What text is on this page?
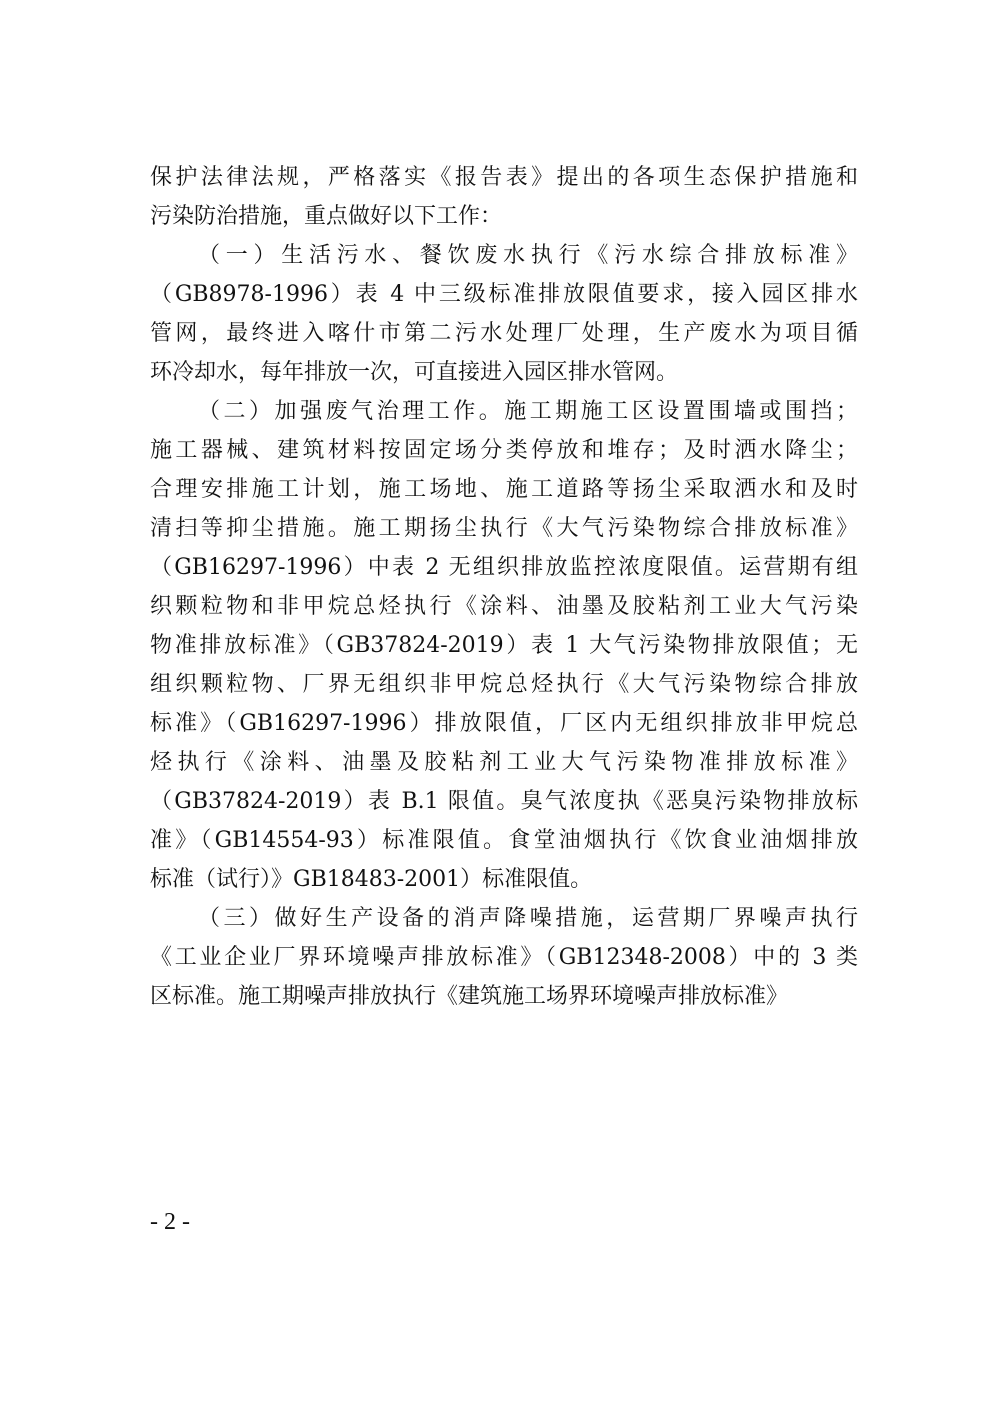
保护法律法规，严格落实《报告表》提出的各项生态保护措施和
污染防治措施，重点做好以下工作：
（一）生活污水、餐饮废水执行《污水综合排放标准》
（GB8978-1996）表 4 中三级标准排放限值要求，接入园区排水
管网，最终进入喀什市第二污水处理厂处理，生产废水为项目循
环冷却水，每年排放一次，可直接进入园区排水管网。
（二）加强废气治理工作。施工期施工区设置围墙或围挡；
施工器械、建筑材料按固定场分类停放和堆存；及时洒水降尘；
合理安排施工计划，施工场地、施工道路等扬尘采取洒水和及时
清扫等抑尘措施。施工期扬尘执行《大气污染物综合排放标准》
（GB16297-1996）中表 2 无组织排放监控浓度限值。运营期有组
织颗粒物和非甲烷总烃执行《涂料、油墨及胶粘剂工业大气污染
物准排放标准》（GB37824-2019）表 1 大气污染物排放限值；无
组织颗粒物、厂界无组织非甲烷总烃执行《大气污染物综合排放
标准》（GB16297-1996）排放限值，厂区内无组织排放非甲烷总
烃执行《涂料、油墨及胶粘剂工业大气污染物准排放标准》
（GB37824-2019）表 B.1 限值。臭气浓度执《恶臭污染物排放标
准》（GB14554-93）标准限值。食堂油烟执行《饮食业油烟排放
标准（试行）》GB18483-2001）标准限值。
（三）做好生产设备的消声降噪措施，运营期厂界噪声执行
《工业企业厂界环境噪声排放标准》（GB12348-2008）中的 3 类
区标准。施工期噪声排放执行《建筑施工场界环境噪声排放标准》
- 2 -
